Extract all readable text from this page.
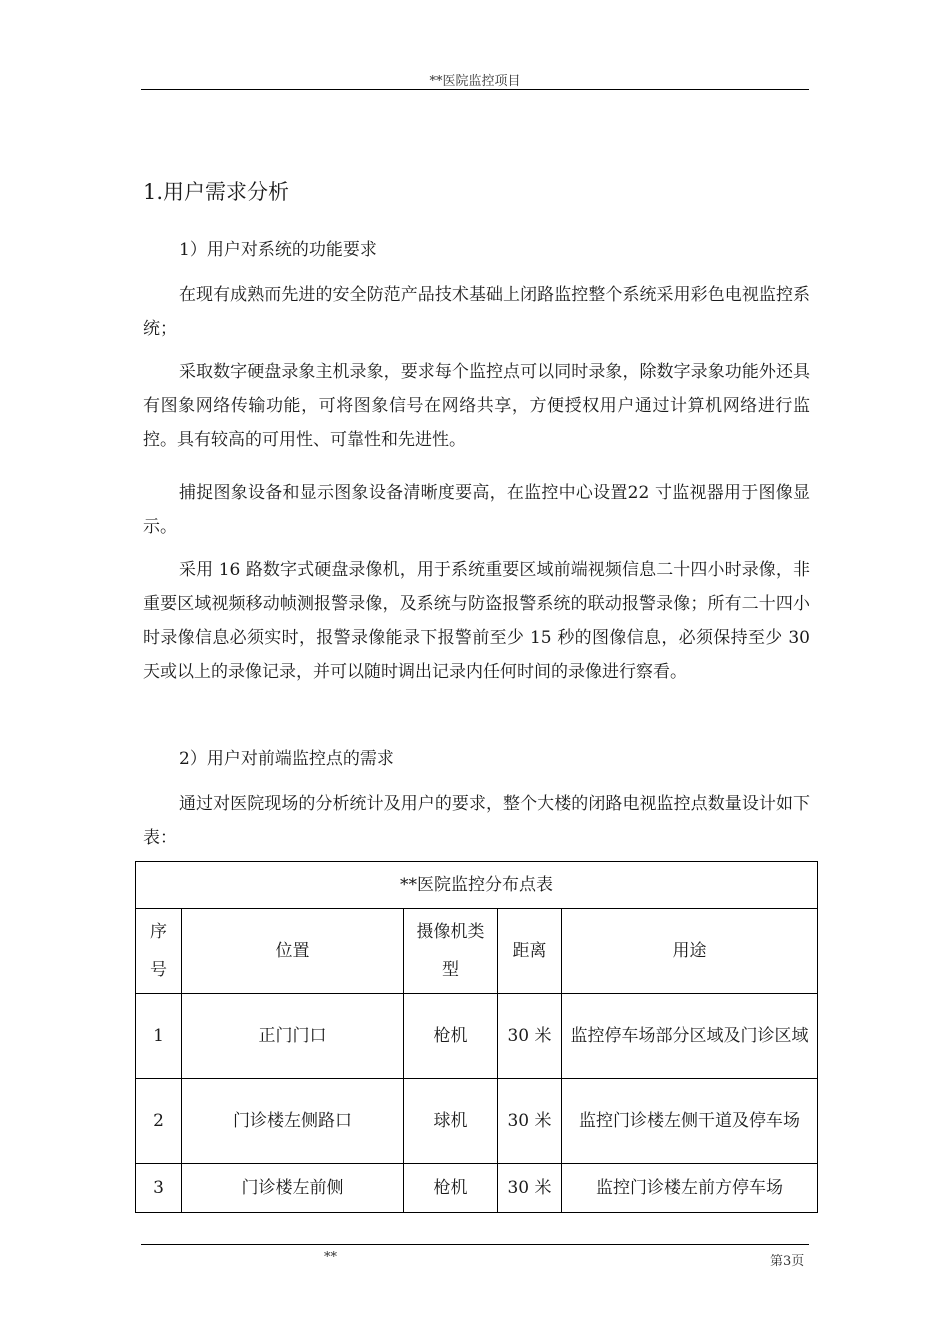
**医院监控项目
1.用户需求分析

1）用户对系统的功能要求

在现有成熟而先进的安全防范产品技术基础上闭路监控整个系统采用彩色电视监控系统；

采取数字硬盘录象主机录象，要求每个监控点可以同时录象，除数字录象功能外还具有图象网络传输功能，可将图象信号在网络共享，方便授权用户通过计算机网络进行监控。具有较高的可用性、可靠性和先进性。

捕捉图象设备和显示图象设备清晰度要高，在监控中心设置22 寸监视器用于图像显示。

采用 16 路数字式硬盘录像机，用于系统重要区域前端视频信息二十四小时录像，非重要区域视频移动帧测报警录像，及系统与防盗报警系统的联动报警录像；所有二十四小时录像信息必须实时，报警录像能录下报警前至少 15 秒的图像信息，必须保持至少 30 天或以上的录像记录，并可以随时调出记录内任何时间的录像进行察看。

2）用户对前端监控点的需求

通过对医院现场的分析统计及用户的要求，整个大楼的闭路电视监控点数量设计如下表：

**医院监控分布点表				
序号	位置	摄像机类型	距离	用途
1	正门门口	枪机	30 米	监控停车场部分区域及门诊区域
2	门诊楼左侧路口	球机	30 米	监控门诊楼左侧干道及停车场
3	门诊楼左前侧	枪机	30 米	监控门诊楼左前方停车场
**	第3页
